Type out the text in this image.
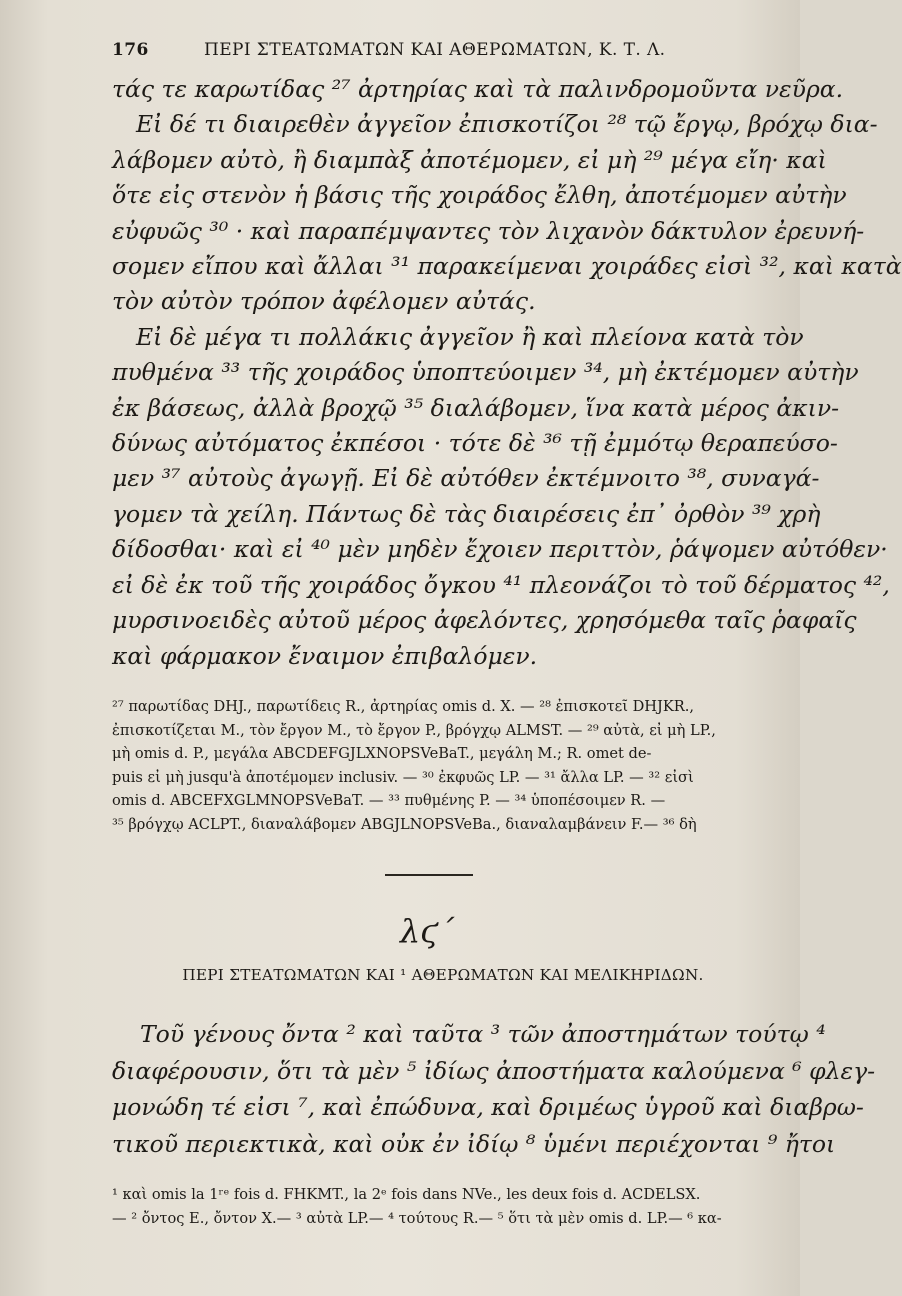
176	ΠΕΡΙ ΣΤΕΑΤΩΜΑΤΩΝ ΚΑΙ ΑΘΕΡΩΜΑΤΩΝ, Κ. Τ. Λ.
τάς τε καρωτίδας ²⁷ ἀρτηρίας καὶ τὰ παλινδρομοῦντα νεῦρα.
Εἰ δέ τι διαιρεθὲν ἀγγεῖον ἐπισκοτίζοι ²⁸ τῷ ἔργῳ, βρόχῳ δια-
λάβομεν αὐτὸ, ἢ διαμπὰξ ἀποτέμομεν, εἰ μὴ ²⁹ μέγα εἴη· καὶ
ὅτε εἰς στενὸν ἡ βάσις τῆς χοιράδος ἔλθη, ἀποτέμομεν αὐτὴν
εὐφυῶς ³⁰ · καὶ παραπέμψαντες τὸν λιχανὸν δάκτυλον ἐρευνή-
σομεν εἴπου καὶ ἄλλαι ³¹ παρακείμεναι χοιράδες εἰσὶ ³², καὶ κατὰ
τὸν αὐτὸν τρόπον ἀφέλομεν αὐτάς.
Εἰ δὲ μέγα τι πολλάκις ἀγγεῖον ἢ καὶ πλείονα κατὰ τὸν
πυθμένα ³³ τῆς χοιράδος ὑποπτεύοιμεν ³⁴, μὴ ἐκτέμομεν αὐτὴν
ἐκ βάσεως, ἀλλὰ βροχῷ ³⁵ διαλάβομεν, ἵνα κατὰ μέρος ἀκιν-
δύνως αὐτόματος ἐκπέσοι · τότε δὲ ³⁶ τῇ ἐμμότῳ θεραπεύσο-
μεν ³⁷ αὐτοὺς ἀγωγῇ. Εἰ δὲ αὐτόθεν ἐκτέμνοιτο ³⁸, συναγά-
γομεν τὰ χείλη. Πάντως δὲ τὰς διαιρέσεις ἐπ᾽ ὀρθὸν ³⁹ χρὴ
δίδοσθαι· καὶ εἰ ⁴⁰ μὲν μηδὲν ἔχοιεν περιττὸν, ῥάψομεν αὐτόθεν·
εἰ δὲ ἐκ τοῦ τῆς χοιράδος ὄγκου ⁴¹ πλεονάζοι τὸ τοῦ δέρματος ⁴²,
μυρσινοειδὲς αὐτοῦ μέρος ἀφελόντες, χρησόμεθα ταῖς ῥαφαῖς
καὶ φάρμακον ἔναιμον ἐπιβαλόμεν.
²⁷ παρωτίδας DHJ., παρωτίδεις R., ἀρτηρίας omis d. X. — ²⁸ ἐπισκοτεῖ DHJKR.,
ἐπισκοτίζεται M., τὸν ἔργον M., τὸ ἔργον P., βρόγχῳ ALMST. — ²⁹ αὐτὰ, εἰ μὴ LP.,
μὴ omis d. P., μεγάλα ABCDEFGJLXNOPSVeBaT., μεγάλη M.; R. omet de-
puis εἰ μὴ jusqu'à ἀποτέμομεν inclusiv. — ³⁰ ἐκφυῶς LP. — ³¹ ἄλλα LP. — ³² εἰσὶ
omis d. ABCEFXGLMNOPSVeBaT. — ³³ πυθμένης P. — ³⁴ ὑποπέσοιμεν R. —
³⁵ βρόγχῳ ACLPT., διαναλάβομεν ABGJLNOPSVeBa., διαναλαμβάνειν F.— ³⁶ δὴ
λϛ΄
ΠΕΡΙ ΣΤΕΑΤΩΜΑΤΩΝ ΚΑΙ ¹ ΑΘΕΡΩΜΑΤΩΝ ΚΑΙ ΜΕΛΙΚΗΡΙΔΩΝ.
Τοῦ γένους ὄντα ² καὶ ταῦτα ³ τῶν ἀποστημάτων τούτῳ ⁴
διαφέρουσιν, ὅτι τὰ μὲν ⁵ ἰδίως ἀποστήματα καλούμενα ⁶ φλεγ-
μονώδη τέ εἰσι ⁷, καὶ ἐπώδυνα, καὶ δριμέως ὑγροῦ καὶ διαβρω-
τικοῦ περιεκτικὰ, καὶ οὐκ ἐν ἰδίῳ ⁸ ὑμένι περιέχονται ⁹ ἤτοι
¹ καὶ omis la 1ʳᵉ fois d. FHKMT., la 2ᵉ fois dans NVe., les deux fois d. ACDELSX.
— ² ὄντος E., ὄντον X.— ³ αὐτὰ LP.— ⁴ τούτους R.— ⁵ ὅτι τὰ μὲν omis d. LP.— ⁶ κα-
